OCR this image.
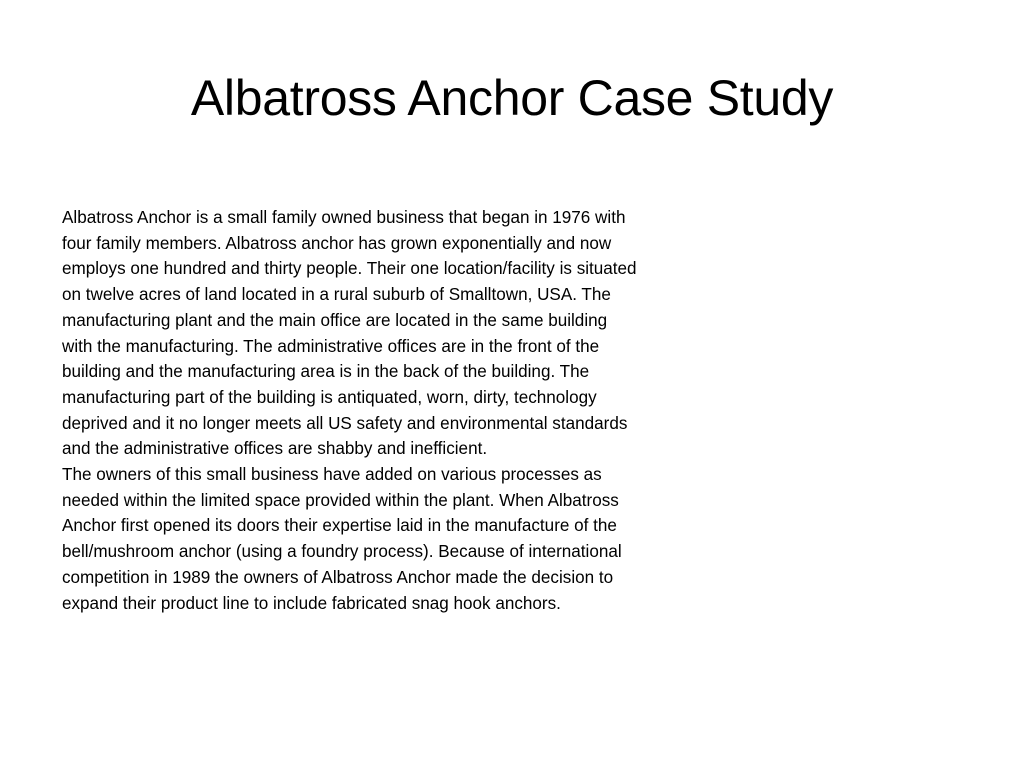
Albatross Anchor Case Study
Albatross Anchor is a small family owned business that began in 1976 with
four family members. Albatross anchor has grown exponentially and now
employs one hundred and thirty people. Their one location/facility is situated
on twelve acres of land located in a rural suburb of Smalltown, USA. The
manufacturing plant and the main office are located in the same building
with the manufacturing. The administrative offices are in the front of the
building and the manufacturing area is in the back of the building. The
manufacturing part of the building is antiquated, worn, dirty, technology
deprived and it no longer meets all US safety and environmental standards
and the administrative offices are shabby and inefficient.
The owners of this small business have added on various processes as
needed within the limited space provided within the plant. When Albatross
Anchor first opened its doors their expertise laid in the manufacture of the
bell/mushroom anchor (using a foundry process). Because of international
competition in 1989 the owners of Albatross Anchor made the decision to
expand their product line to include fabricated snag hook anchors.
